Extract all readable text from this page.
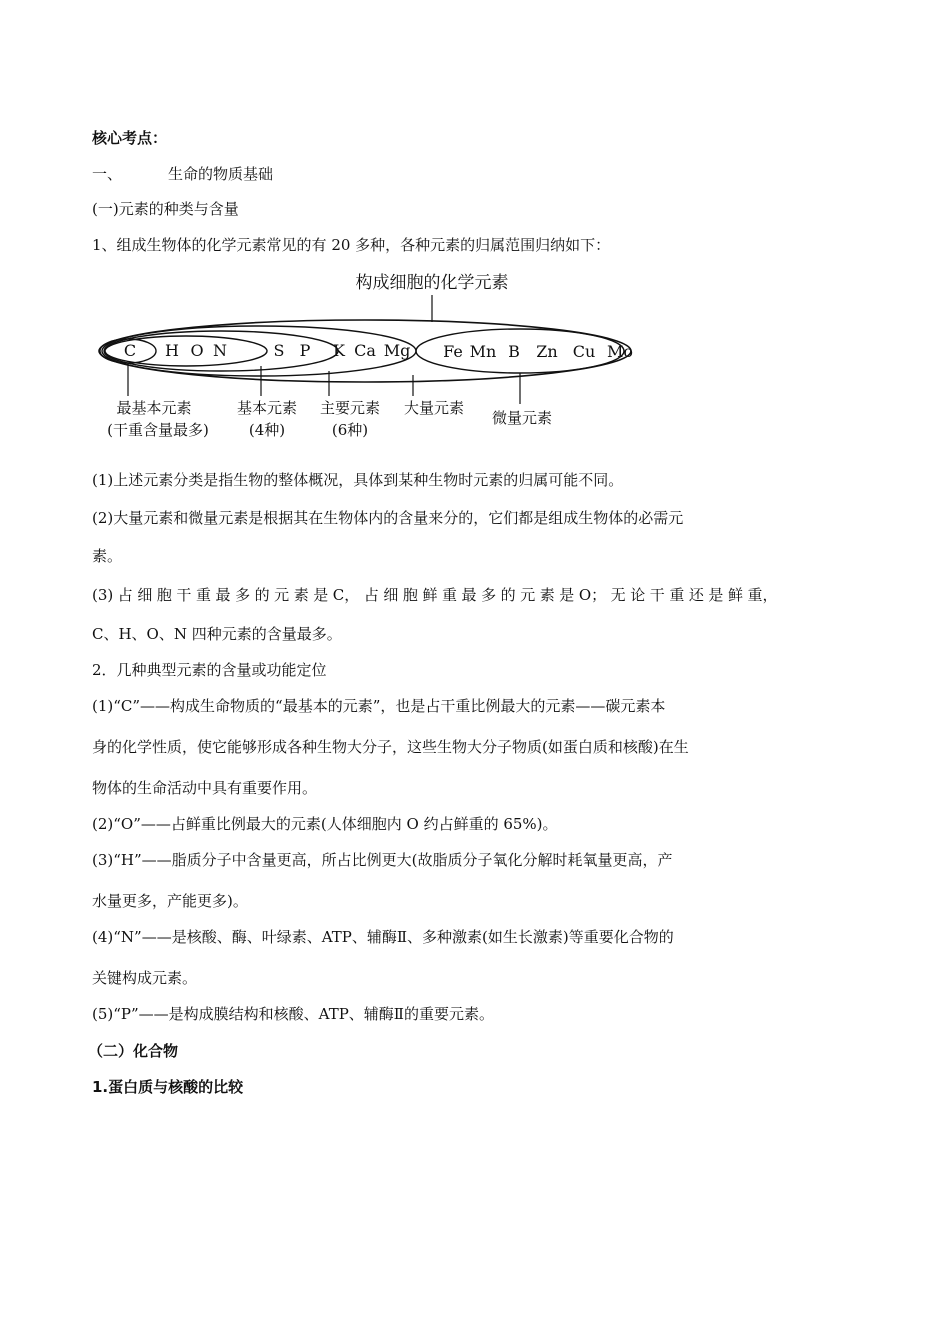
核心考点：
一、	生命的物质基础
(一)元素的种类与含量
1、组成生物体的化学元素常见的有 20 多种，各种元素的归属范围归纳如下：
构成细胞的化学元素
C H O N	S P K Ca Mg Fe Mn B Zn Cu Mo
最基本元素
(干重含量最多)
基本元素
(4种)
主要元素
(6种)
大量元素
微量元素
(1)上述元素分类是指生物的整体概况，具体到某种生物时元素的归属可能不同。
(2)大量元素和微量元素是根据其在生物体内的含量来分的，它们都是组成生物体的必需元
素。
(3) 占 细 胞 干 重 最 多 的 元 素 是 C， 占 细 胞 鲜 重 最 多 的 元 素 是 O； 无 论 干 重 还 是 鲜 重，
C、H、O、N 四种元素的含量最多。
2．几种典型元素的含量或功能定位
(1)“C”——构成生命物质的“最基本的元素”，也是占干重比例最大的元素——碳元素本
身的化学性质，使它能够形成各种生物大分子，这些生物大分子物质(如蛋白质和核酸)在生
物体的生命活动中具有重要作用。
(2)“O”——占鲜重比例最大的元素(人体细胞内 O 约占鲜重的 65%)。
(3)“H”——脂质分子中含量更高，所占比例更大(故脂质分子氧化分解时耗氧量更高，产
水量更多，产能更多)。
(4)“N”——是核酸、酶、叶绿素、ATP、辅酶Ⅱ、多种激素(如生长激素)等重要化合物的
关键构成元素。
(5)“P”——是构成膜结构和核酸、ATP、辅酶Ⅱ的重要元素。
（二）化合物
1.蛋白质与核酸的比较
